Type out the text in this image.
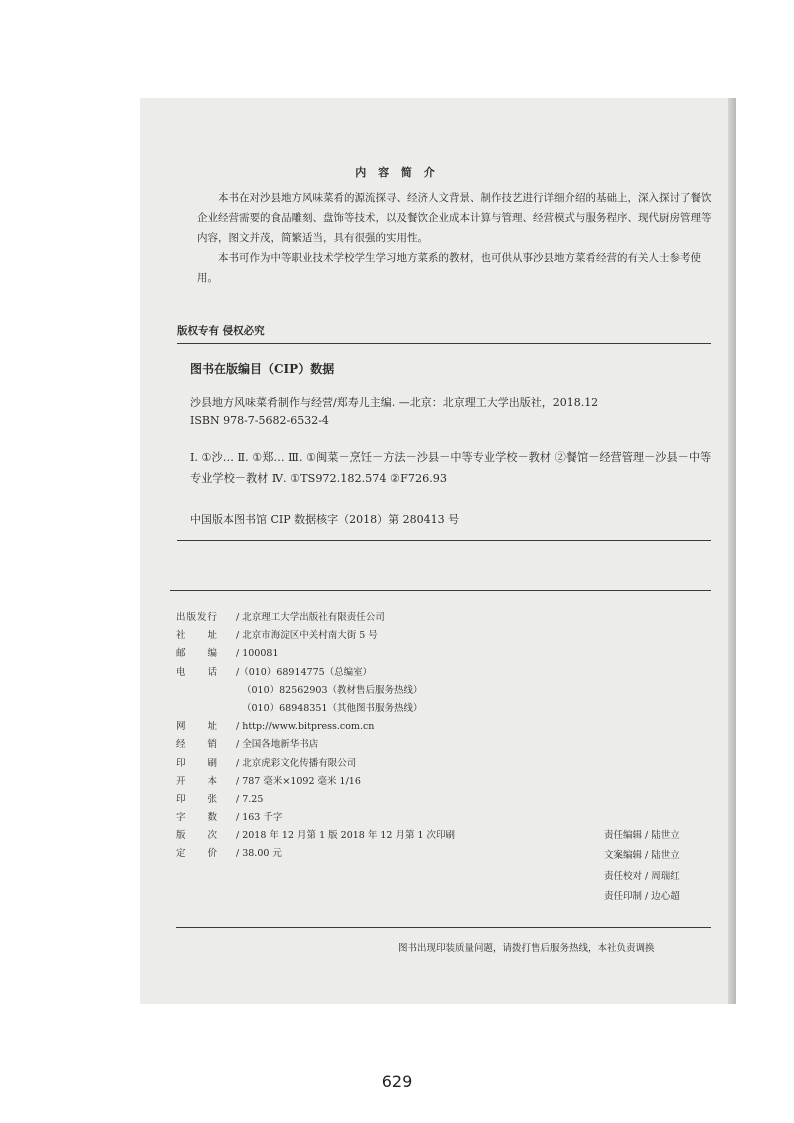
内 容 简 介

本书在对沙县地方风味菜肴的源流探寻、经济人文背景、制作技艺进行详细介绍的基础上，深入探讨了餐饮企业经营需要的食品雕刻、盘饰等技术，以及餐饮企业成本计算与管理、经营模式与服务程序、现代厨房管理等内容，图文并茂，简繁适当，具有很强的实用性。

本书可作为中等职业技术学校学生学习地方菜系的教材，也可供从事沙县地方菜肴经营的有关人士参考使用。

版权专有 侵权必究
图书在版编目（CIP）数据
沙县地方风味菜肴制作与经营/郑寿儿主编. —北京：北京理工大学出版社，2018.12
ISBN 978-7-5682-6532-4
Ⅰ. ①沙… Ⅱ. ①郑… Ⅲ. ①闽菜－烹饪－方法－沙县－中等专业学校－教材 ②餐馆－经营管理－沙县－中等专业学校－教材 Ⅳ. ①TS972.182.574 ②F726.93
中国版本图书馆 CIP 数据核字（2018）第 280413 号
出版发行	/ 北京理工大学出版社有限责任公司
社　　址	/ 北京市海淀区中关村南大街 5 号
邮　　编	/ 100081
电　　话	/（010）68914775（总编室）
（010）82562903（教材售后服务热线）
（010）68948351（其他图书服务热线）
网　　址	/ http://www.bitpress.com.cn
经　　销	/ 全国各地新华书店
印　　刷	/ 北京虎彩文化传播有限公司
开　　本	/ 787 毫米×1092 毫米 1/16
印　　张	/ 7.25
字　　数	/ 163 千字
版　　次	/ 2018 年 12 月第 1 版 2018 年 12 月第 1 次印刷
定　　价	/ 38.00 元
责任编辑 / 陆世立
文案编辑 / 陆世立
责任校对 / 周瑞红
责任印制 / 边心超
图书出现印装质量问题，请拨打售后服务热线，本社负责调换
629
